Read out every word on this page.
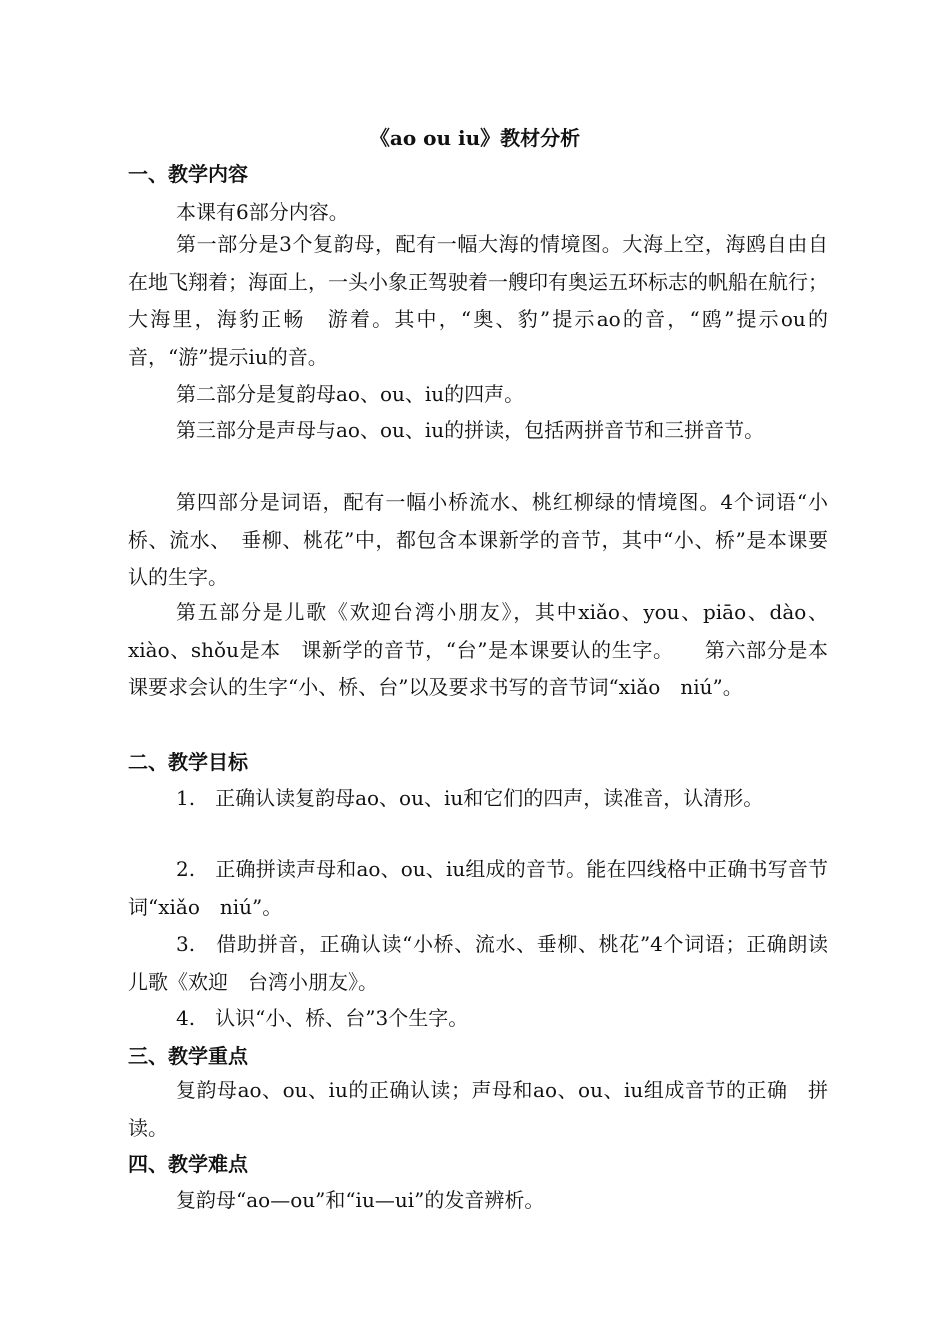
《ao ou iu》教材分析
一、教学内容

本课有6部分内容。

第一部分是3个复韵母，配有一幅大海的情境图。大海上空，海鸥自由自在地飞翔着；海面上，一头小象正驾驶着一艘印有奥运五环标志的帆船在航行；大海里，海豹正畅　游着。其中，“奥、豹”提示ao的音，“鸥”提示ou的音，“游”提示iu的音。

第二部分是复韵母ao、ou、iu的四声。

第三部分是声母与ao、ou、iu的拼读，包括两拼音节和三拼音节。

第四部分是词语，配有一幅小桥流水、桃红柳绿的情境图。4个词语“小桥、流水、　垂柳、桃花”中，都包含本课新学的音节，其中“小、桥”是本课要认的生字。

第五部分是儿歌《欢迎台湾小朋友》，其中xiǎo、you、piāo、dào、xiào、shǒu是本　课新学的音节，“台”是本课要认的生字。　　第六部分是本课要求会认的生字“小、桥、台”以及要求书写的音节词“xiǎo　niú”。

二、教学目标

1.　正确认读复韵母ao、ou、iu和它们的四声，读准音，认清形。

2.　正确拼读声母和ao、ou、iu组成的音节。能在四线格中正确书写音节词“xiǎo　niú”。

3.　借助拼音，正确认读“小桥、流水、垂柳、桃花”4个词语；正确朗读儿歌《欢迎　台湾小朋友》。

4.　认识“小、桥、台”3个生字。

三、教学重点

复韵母ao、ou、iu的正确认读；声母和ao、ou、iu组成音节的正确　拼读。

四、教学难点

复韵母“ao—ou”和“iu—ui”的发音辨析。
